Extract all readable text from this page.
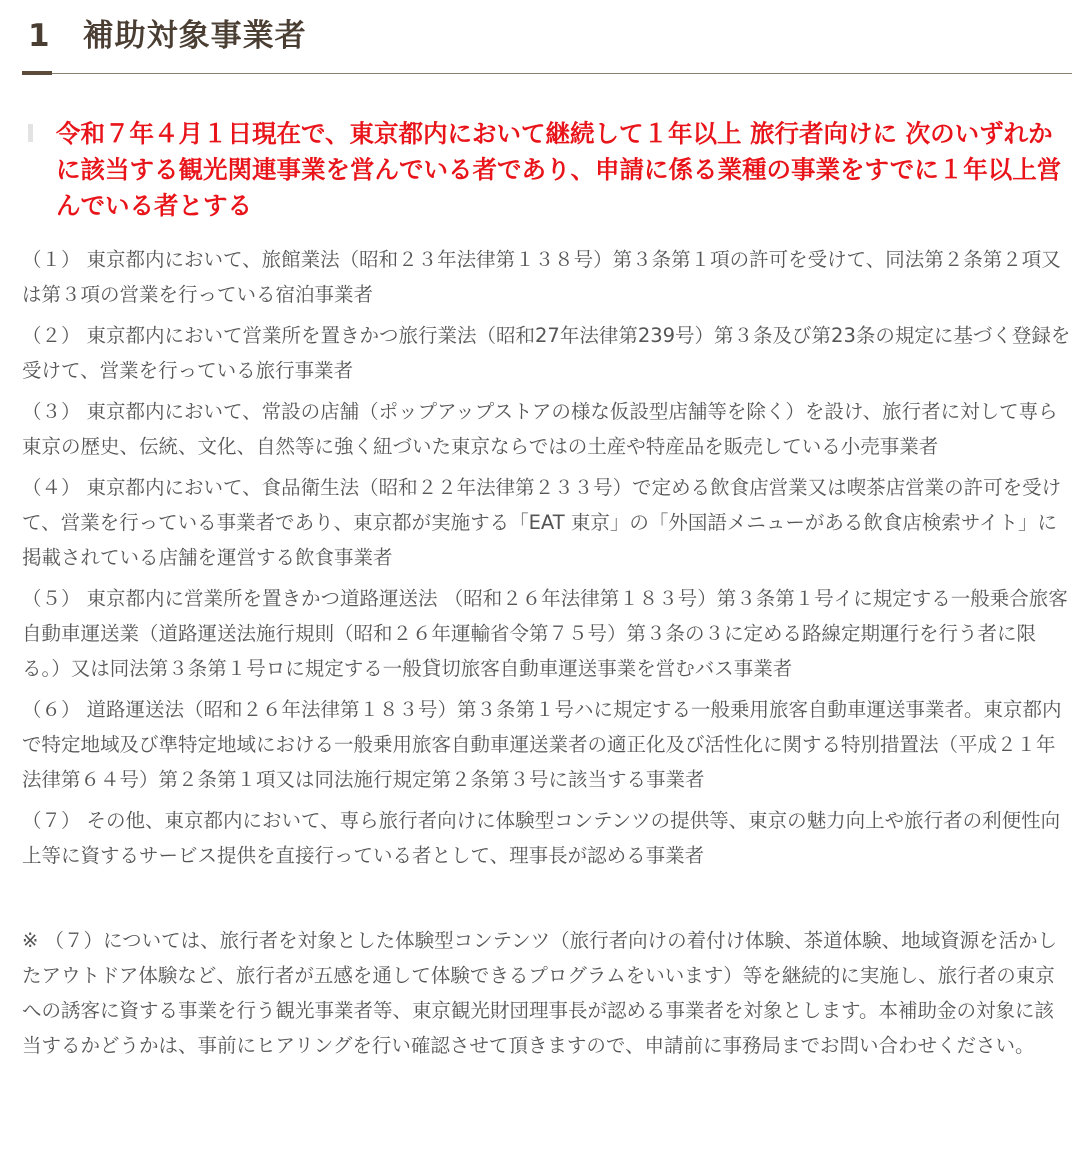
1 補助対象事業者

令和７年４月１日現在で、東京都内において継続して１年以上 旅行者向けに 次のいずれかに該当する観光関連事業を営んでいる者であり、申請に係る業種の事業をすでに１年以上営んでいる者とする

（１） 東京都内において、旅館業法（昭和２３年法律第１３８号）第３条第１項の許可を受けて、同法第２条第２項又は第３項の営業を行っている宿泊事業者
（２） 東京都内において営業所を置きかつ旅行業法（昭和27年法律第239号）第３条及び第23条の規定に基づく登録を受けて、営業を行っている旅行事業者
（３） 東京都内において、常設の店舗（ポップアップストアの様な仮設型店舗等を除く）を設け、旅行者に対して専ら東京の歴史、伝統、文化、自然等に強く紐づいた東京ならではの土産や特産品を販売している小売事業者
（４） 東京都内において、食品衛生法（昭和２２年法律第２３３号）で定める飲食店営業又は喫茶店営業の許可を受けて、営業を行っている事業者であり、東京都が実施する「EAT 東京」の「外国語メニューがある飲食店検索サイト」に掲載されている店舗を運営する飲食事業者
（５） 東京都内に営業所を置きかつ道路運送法 （昭和２６年法律第１８３号）第３条第１号イに規定する一般乗合旅客自動車運送業（道路運送法施行規則（昭和２６年運輸省令第７５号）第３条の３に定める路線定期運行を行う者に限る。）又は同法第３条第１号ロに規定する一般貸切旅客自動車運送事業を営むバス事業者
（６） 道路運送法（昭和２６年法律第１８３号）第３条第１号ハに規定する一般乗用旅客自動車運送事業者。東京都内で特定地域及び準特定地域における一般乗用旅客自動車運送業者の適正化及び活性化に関する特別措置法（平成２１年法律第６４号）第２条第１項又は同法施行規定第２条第３号に該当する事業者
（７） その他、東京都内において、専ら旅行者向けに体験型コンテンツの提供等、東京の魅力向上や旅行者の利便性向上等に資するサービス提供を直接行っている者として、理事長が認める事業者

※ （７）については、旅行者を対象とした体験型コンテンツ（旅行者向けの着付け体験、茶道体験、地域資源を活かしたアウトドア体験など、旅行者が五感を通して体験できるプログラムをいいます）等を継続的に実施し、旅行者の東京への誘客に資する事業を行う観光事業者等、東京観光財団理事長が認める事業者を対象とします。本補助金の対象に該当するかどうかは、事前にヒアリングを行い確認させて頂きますので、申請前に事務局までお問い合わせください。
